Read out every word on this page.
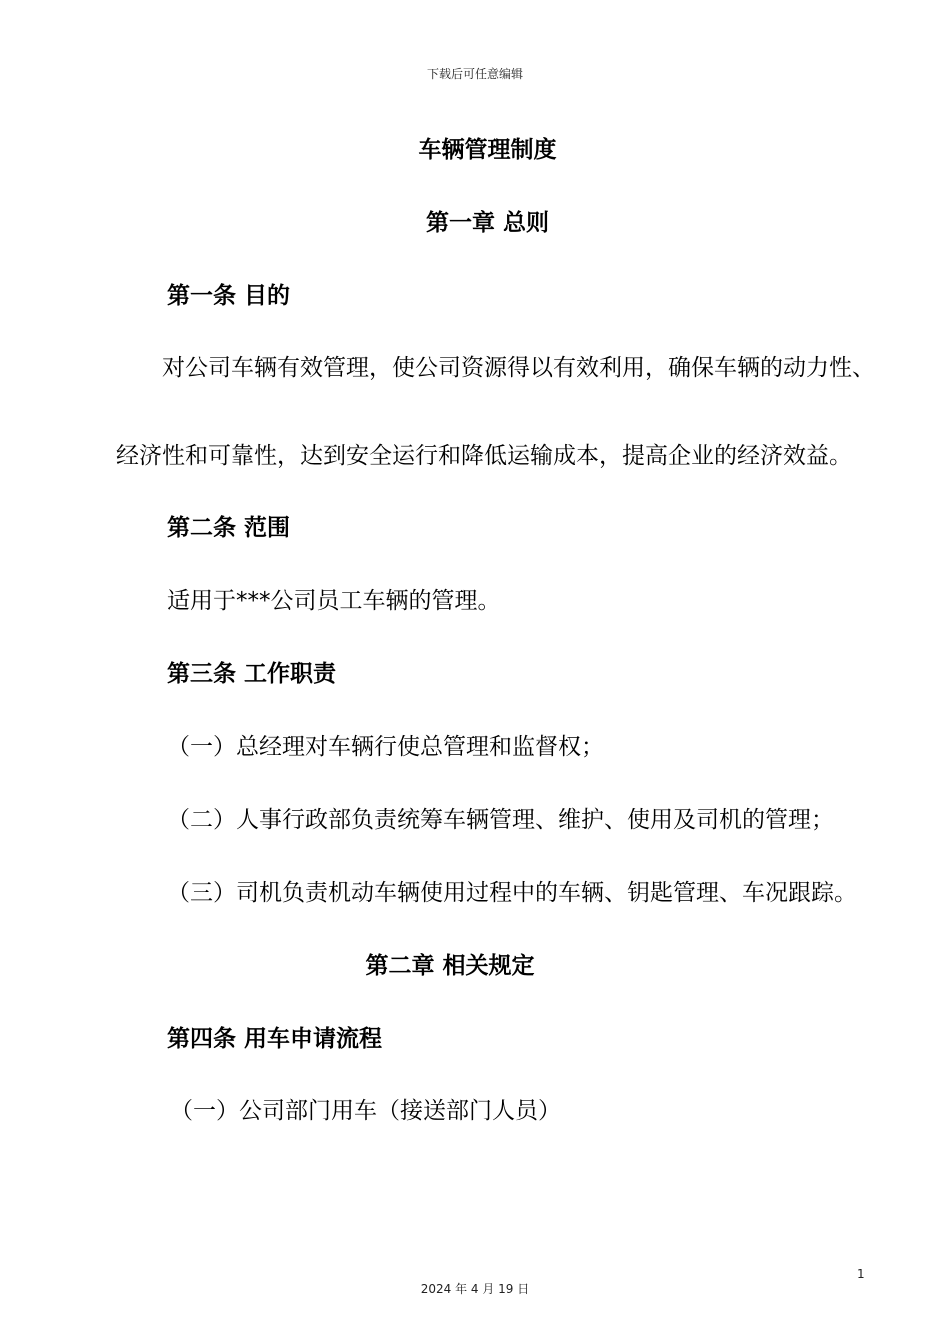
下载后可任意编辑
车辆管理制度
第一章 总则
第一条 目的
对公司车辆有效管理，使公司资源得以有效利用，确保车辆的动力性、
经济性和可靠性，达到安全运行和降低运输成本，提高企业的经济效益。
第二条 范围
适用于***公司员工车辆的管理。
第三条 工作职责
（一）总经理对车辆行使总管理和监督权；
（二）人事行政部负责统筹车辆管理、维护、使用及司机的管理；
（三）司机负责机动车辆使用过程中的车辆、钥匙管理、车况跟踪。
第二章 相关规定
第四条 用车申请流程
（一）公司部门用车（接送部门人员）
1
2024 年 4 月 19 日
